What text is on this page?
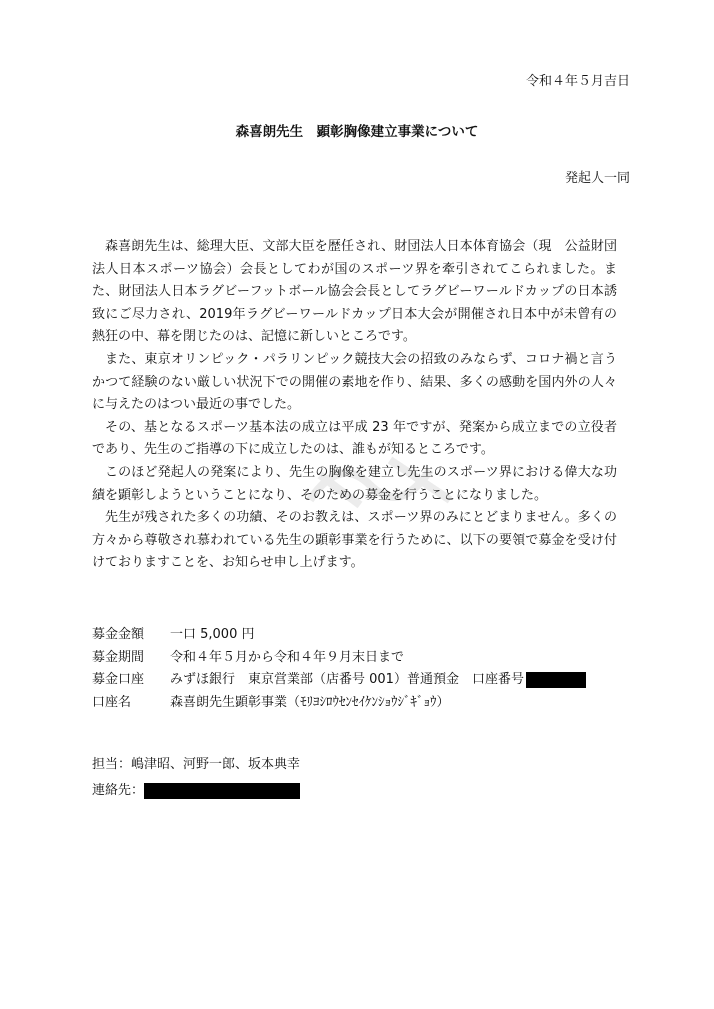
令和４年５月吉日
森喜朗先生　顕彰胸像建立事業について
発起人一同

森喜朗先生は、総理大臣、文部大臣を歴任され、財団法人日本体育協会（現　公益財団法人日本スポーツ協会）会長としてわが国のスポーツ界を牽引されてこられました。また、財団法人日本ラグビーフットボール協会会長としてラグビーワールドカップの日本誘致にご尽力され、2019年ラグビーワールドカップ日本大会が開催され日本中が未曾有の熱狂の中、幕を閉じたのは、記憶に新しいところです。

また、東京オリンピック・パラリンピック競技大会の招致のみならず、コロナ禍と言うかつて経験のない厳しい状況下での開催の素地を作り、結果、多くの感動を国内外の人々に与えたのはつい最近の事でした。

その、基となるスポーツ基本法の成立は平成 23 年ですが、発案から成立までの立役者であり、先生のご指導の下に成立したのは、誰もが知るところです。

このほど発起人の発案により、先生の胸像を建立し先生のスポーツ界における偉大な功績を顕彰しようということになり、そのための募金を行うことになりました。

先生が残された多くの功績、そのお教えは、スポーツ界のみにとどまりません。多くの方々から尊敬され慕われている先生の顕彰事業を行うために、以下の要領で募金を受け付けておりますことを、お知らせ申し上げます。

募金金額 一口 5,000 円
募金期間 令和４年５月から令和４年９月末日まで
募金口座 みずほ銀行　東京営業部（店番号 001）普通預金　口座番号
口座名	森喜朗先生顕彰事業（ﾓﾘﾖｼﾛｳｾﾝｾｲｹﾝｼｮｳｼﾞｷﾞｮｳ）
担当：嶋津昭、河野一郎、坂本典幸
連絡先：
